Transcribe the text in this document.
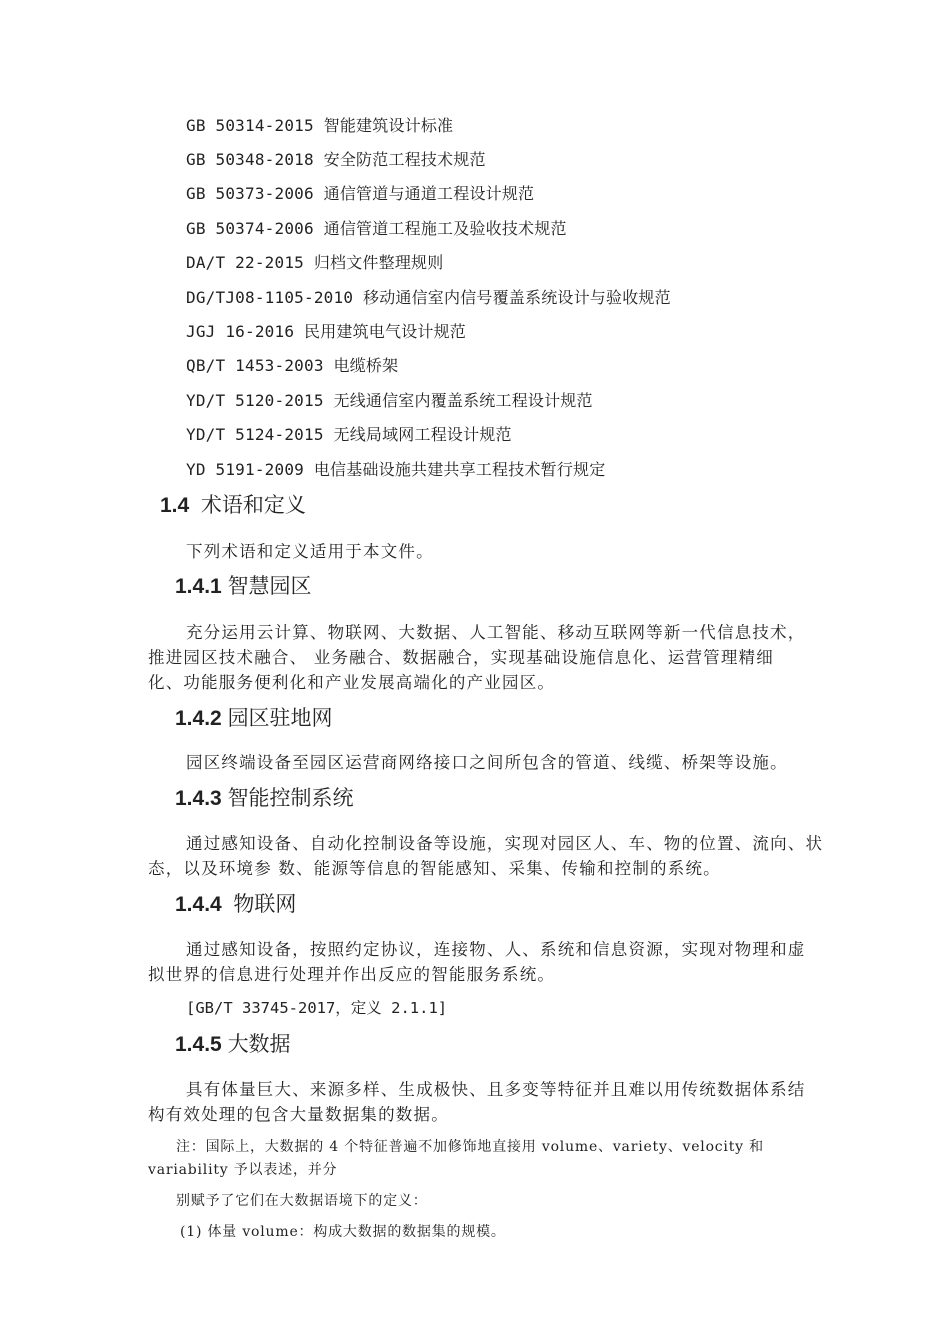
GB 50314-2015 智能建筑设计标准
GB 50348-2018 安全防范工程技术规范
GB 50373-2006 通信管道与通道工程设计规范
GB 50374-2006 通信管道工程施工及验收技术规范
DA/T 22-2015 归档文件整理规则
DG/TJ08-1105-2010 移动通信室内信号覆盖系统设计与验收规范
JGJ 16-2016 民用建筑电气设计规范
QB/T 1453-2003 电缆桥架
YD/T 5120-2015 无线通信室内覆盖系统工程设计规范
YD/T 5124-2015 无线局域网工程设计规范
YD 5191-2009 电信基础设施共建共享工程技术暂行规定
1.4 术语和定义
下列术语和定义适用于本文件。
1.4.1 智慧园区
充分运用云计算、物联网、大数据、人工智能、移动互联网等新一代信息技术，
推进园区技术融合、 业务融合、数据融合，实现基础设施信息化、运营管理精细
化、功能服务便利化和产业发展高端化的产业园区。
1.4.2 园区驻地网
园区终端设备至园区运营商网络接口之间所包含的管道、线缆、桥架等设施。
1.4.3 智能控制系统
通过感知设备、自动化控制设备等设施，实现对园区人、车、物的位置、流向、状
态，以及环境参 数、能源等信息的智能感知、采集、传输和控制的系统。
1.4.4 物联网
通过感知设备，按照约定协议，连接物、人、系统和信息资源，实现对物理和虚
拟世界的信息进行处理并作出反应的智能服务系统。
[GB/T 33745-2017，定义 2.1.1]
1.4.5 大数据
具有体量巨大、来源多样、生成极快、且多变等特征并且难以用传统数据体系结
构有效处理的包含大量数据集的数据。
注：国际上，大数据的 4 个特征普遍不加修饰地直接用 volume、variety、velocity 和
variability 予以表述，并分
别赋予了它们在大数据语境下的定义：
(1) 体量 volume：构成大数据的数据集的规模。
